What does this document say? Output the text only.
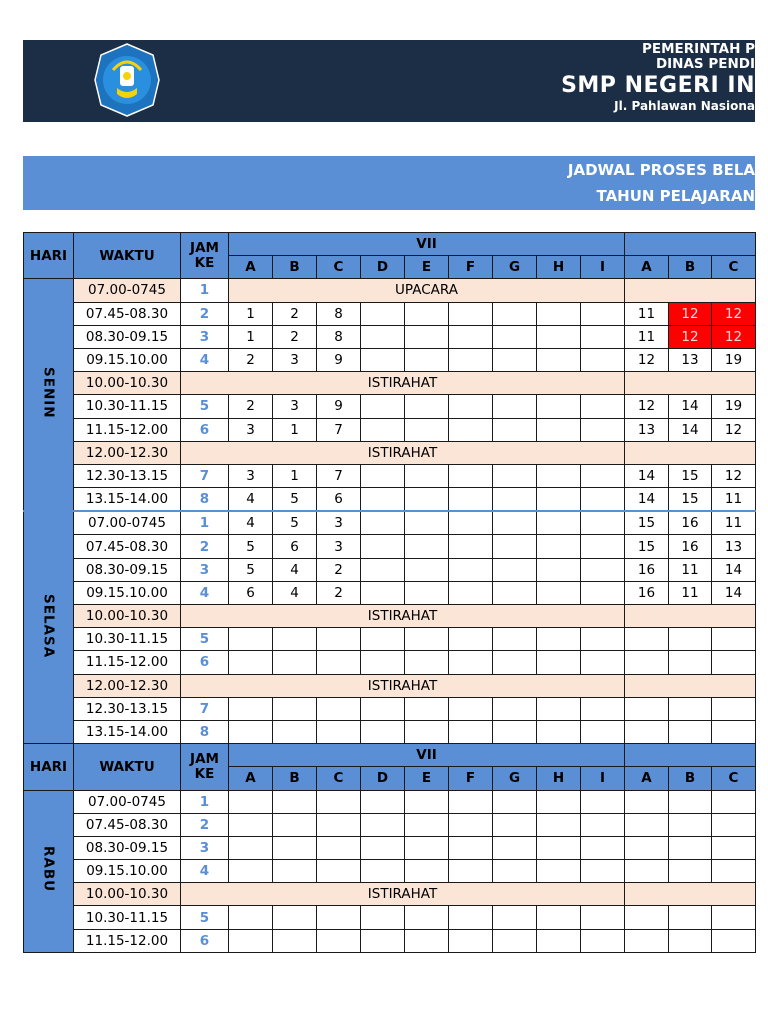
PEMERINTAH P
DINAS PENDI
SMP NEGERI IN
Jl. Pahlawan Nasiona
JADWAL PROSES BELA
TAHUN PELAJARAN
HARI	WAKTU	JAM
KE	VII											
			A	B	C	D	E	F	G	H	I	A	B	C
SENIN	07.00-0745	1	UPACARA											
	07.45-08.30	2	1	2	8							11	12	12
	08.30-09.15	3	1	2	8							11	12	12
	09.15.10.00	4	2	3	9							12	13	19
	10.00-10.30	ISTIRAHAT												
	10.30-11.15	5	2	3	9							12	14	19
	11.15-12.00	6	3	1	7							13	14	12
	12.00-12.30	ISTIRAHAT												
	12.30-13.15	7	3	1	7							14	15	12
	13.15-14.00	8	4	5	6							14	15	11
SELASA	07.00-0745	1	4	5	3							15	16	11
	07.45-08.30	2	5	6	3							15	16	13
	08.30-09.15	3	5	4	2							16	11	14
	09.15.10.00	4	6	4	2							16	11	14
	10.00-10.30	ISTIRAHAT												
	10.30-11.15	5												
	11.15-12.00	6												
	12.00-12.30	ISTIRAHAT												
	12.30-13.15	7												
	13.15-14.00	8												
HARI	WAKTU	JAM
KE	VII											
			A	B	C	D	E	F	G	H	I	A	B	C
RABU	07.00-0745	1												
	07.45-08.30	2												
	08.30-09.15	3												
	09.15.10.00	4												
	10.00-10.30	ISTIRAHAT												
	10.30-11.15	5												
	11.15-12.00	6												
